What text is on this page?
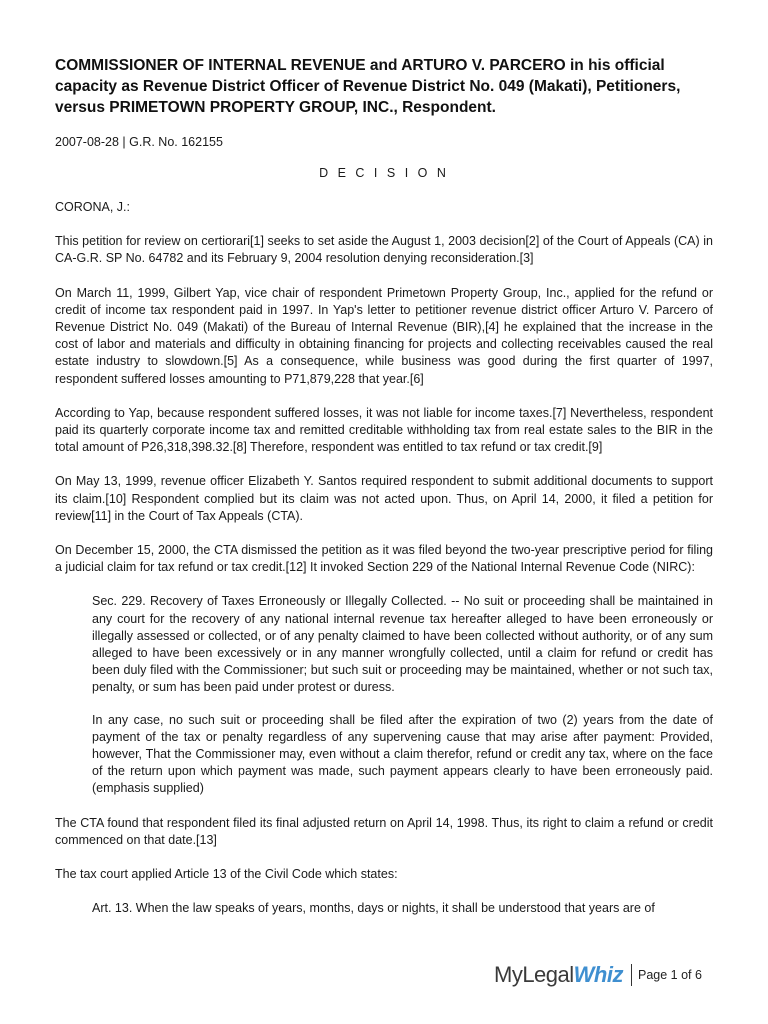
COMMISSIONER OF INTERNAL REVENUE and ARTURO V. PARCERO in his official capacity as Revenue District Officer of Revenue District No. 049 (Makati), Petitioners, versus PRIMETOWN PROPERTY GROUP, INC., Respondent.

2007-08-28 | G.R. No. 162155

D E C I S I O N

CORONA, J.:

This petition for review on certiorari[1] seeks to set aside the August 1, 2003 decision[2] of the Court of Appeals (CA) in CA-G.R. SP No. 64782 and its February 9, 2004 resolution denying reconsideration.[3]

On March 11, 1999, Gilbert Yap, vice chair of respondent Primetown Property Group, Inc., applied for the refund or credit of income tax respondent paid in 1997. In Yap's letter to petitioner revenue district officer Arturo V. Parcero of Revenue District No. 049 (Makati) of the Bureau of Internal Revenue (BIR),[4] he explained that the increase in the cost of labor and materials and difficulty in obtaining financing for projects and collecting receivables caused the real estate industry to slowdown.[5] As a consequence, while business was good during the first quarter of 1997, respondent suffered losses amounting to P71,879,228 that year.[6]

According to Yap, because respondent suffered losses, it was not liable for income taxes.[7] Nevertheless, respondent paid its quarterly corporate income tax and remitted creditable withholding tax from real estate sales to the BIR in the total amount of P26,318,398.32.[8] Therefore, respondent was entitled to tax refund or tax credit.[9]

On May 13, 1999, revenue officer Elizabeth Y. Santos required respondent to submit additional documents to support its claim.[10] Respondent complied but its claim was not acted upon. Thus, on April 14, 2000, it filed a petition for review[11] in the Court of Tax Appeals (CTA).

On December 15, 2000, the CTA dismissed the petition as it was filed beyond the two-year prescriptive period for filing a judicial claim for tax refund or tax credit.[12] It invoked Section 229 of the National Internal Revenue Code (NIRC):

Sec. 229. Recovery of Taxes Erroneously or Illegally Collected. -- No suit or proceeding shall be maintained in any court for the recovery of any national internal revenue tax hereafter alleged to have been erroneously or illegally assessed or collected, or of any penalty claimed to have been collected without authority, or of any sum alleged to have been excessively or in any manner wrongfully collected, until a claim for refund or credit has been duly filed with the Commissioner; but such suit or proceeding may be maintained, whether or not such tax, penalty, or sum has been paid under protest or duress.

In any case, no such suit or proceeding shall be filed after the expiration of two (2) years from the date of payment of the tax or penalty regardless of any supervening cause that may arise after payment: Provided, however, That the Commissioner may, even without a claim therefor, refund or credit any tax, where on the face of the return upon which payment was made, such payment appears clearly to have been erroneously paid. (emphasis supplied)

The CTA found that respondent filed its final adjusted return on April 14, 1998. Thus, its right to claim a refund or credit commenced on that date.[13]

The tax court applied Article 13 of the Civil Code which states:

Art. 13. When the law speaks of years, months, days or nights, it shall be understood that years are of

MyLegal Whiz Page 1 of 6
